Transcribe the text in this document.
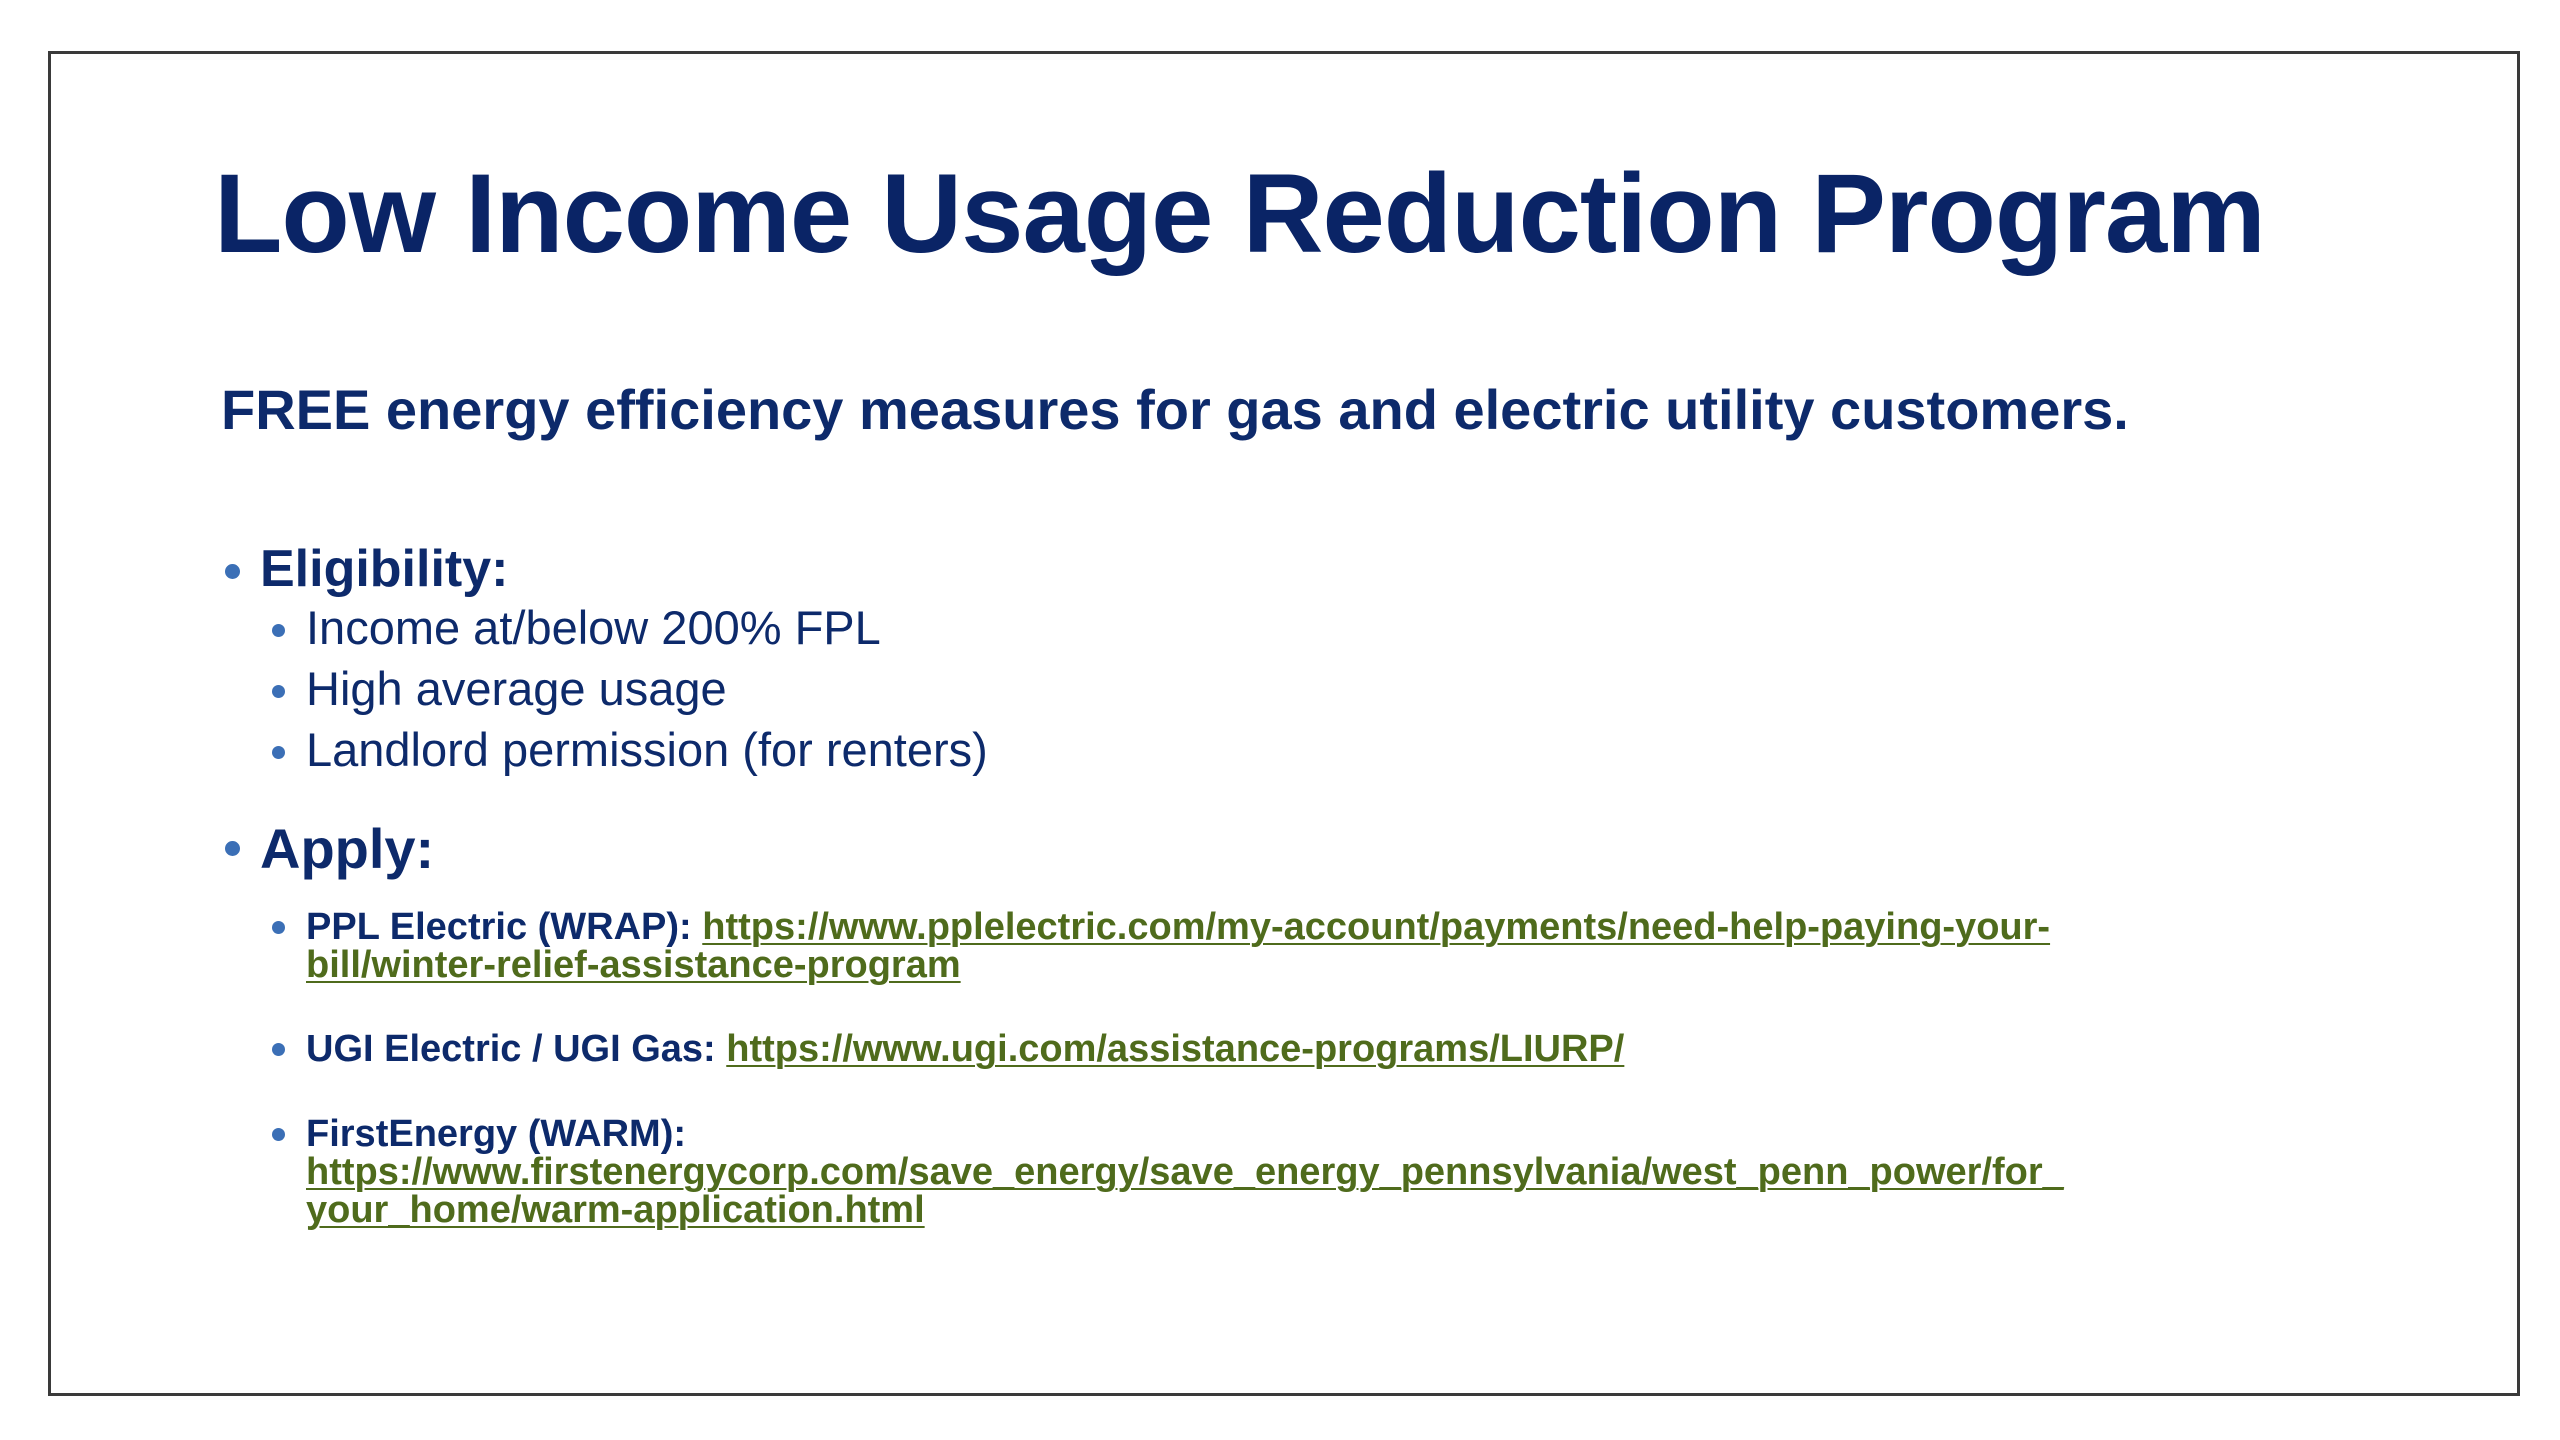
Low Income Usage Reduction Program

FREE energy efficiency measures for gas and electric utility customers.

Eligibility:
Income at/below 200% FPL
High average usage
Landlord permission (for renters)
Apply:
PPL Electric (WRAP): https://www.pplelectric.com/my-account/payments/need-help-paying-your-
bill/winter-relief-assistance-program
UGI Electric / UGI Gas: https://www.ugi.com/assistance-programs/LIURP/
FirstEnergy (WARM):
https://www.firstenergycorp.com/save_energy/save_energy_pennsylvania/west_penn_power/for_
your_home/warm-application.html
